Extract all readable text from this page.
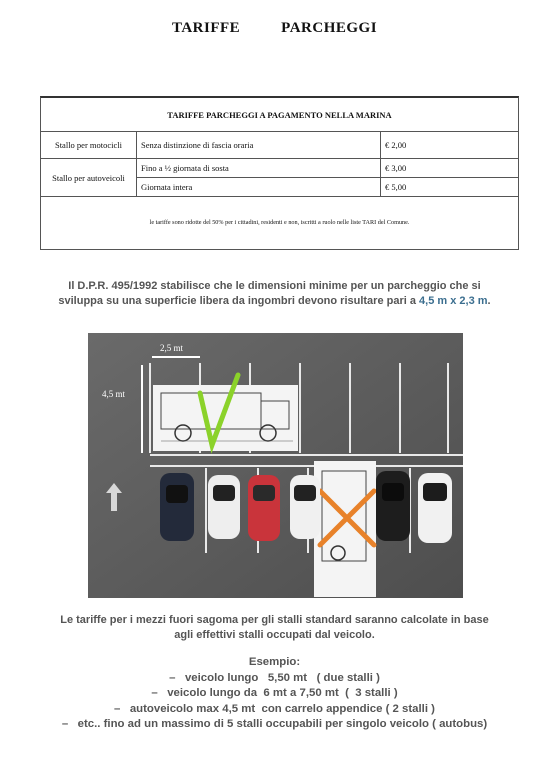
TARIFFE    PARCHEGGI
TARIFFE PARCHEGGI A PAGAMENTO NELLA MARINA
Stallo per motocicli	Senza distinzione di fascia oraria	€ 2,00
Stallo per autoveicoli
Fino a ½ giornata di sosta	€ 3,00
Giornata intera	€ 5,00
le tariffe sono ridotte del 50% per i cittadini, residenti e non, iscritti a ruolo nelle liste TARI del Comune.
Il D.P.R. 495/1992 stabilisce che le dimensioni minime per un parcheggio che si
sviluppa su una superficie libera da ingombri devono risultare pari a 4,5 m x 2,3 m.
2,5 mt
4,5 mt
Le tariffe per i mezzi fuori sagoma per gli stalli standard saranno calcolate in base
agli effettivi stalli occupati dal veicolo.
Esempio:
–   veicolo lungo   5,50 mt   ( due stalli )
–   veicolo lungo da  6 mt a 7,50 mt  (  3 stalli )
–   autoveicolo max 4,5 mt  con carrelo appendice ( 2 stalli )
–   etc.. fino ad un massimo di 5 stalli occupabili per singolo veicolo ( autobus)
